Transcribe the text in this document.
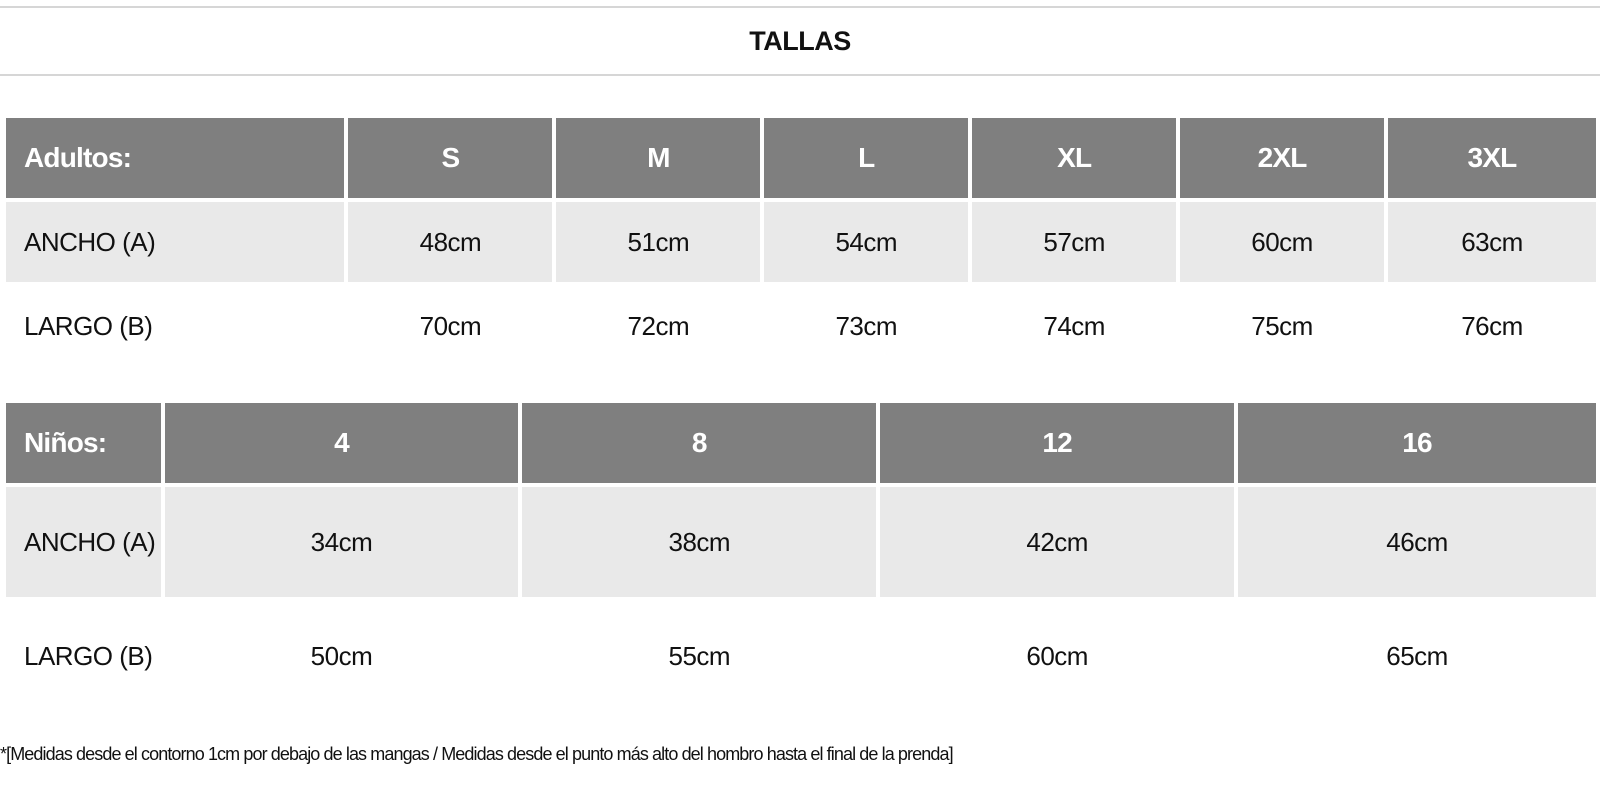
TALLAS
Adultos:	S	M	L	XL	2XL	3XL
ANCHO (A)	48cm	51cm	54cm	57cm	60cm	63cm
LARGO (B)	70cm	72cm	73cm	74cm	75cm	76cm
Niños:	4	8	12	16
ANCHO (A)	34cm	38cm	42cm	46cm
LARGO (B)	50cm	55cm	60cm	65cm
*[Medidas desde el contorno 1cm por debajo de las mangas / Medidas desde el punto más alto del hombro hasta el final de la prenda]
